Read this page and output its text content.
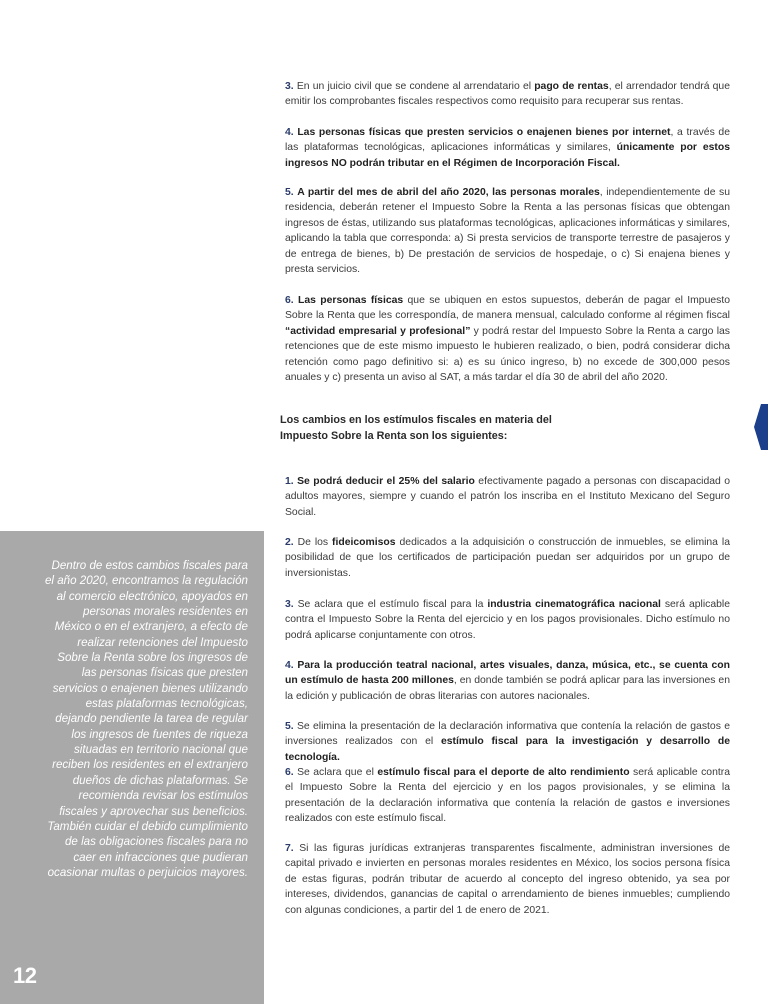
Dentro de estos cambios fiscales para el año 2020, encontramos la regulación al comercio electrónico, apoyados en personas morales residentes en México o en el extranjero, a efecto de realizar retenciones del Impuesto Sobre la Renta sobre los ingresos de las personas físicas que presten servicios o enajenen bienes utilizando estas plataformas tecnológicas, dejando pendiente la tarea de regular los ingresos de fuentes de riqueza situadas en territorio nacional que reciben los residentes en el extranjero dueños de dichas plataformas. Se recomienda revisar los estímulos fiscales y aprovechar sus beneficios. También cuidar el debido cumplimiento de las obligaciones fiscales para no caer en infracciones que pudieran ocasionar multas o perjuicios mayores.
12

3. En un juicio civil que se condene al arrendatario el pago de rentas, el arrendador tendrá que emitir los comprobantes fiscales respectivos como requisito para recuperar sus rentas.

4. Las personas físicas que presten servicios o enajenen bienes por internet, a través de las plataformas tecnológicas, aplicaciones informáticas y similares, únicamente por estos ingresos NO podrán tributar en el Régimen de Incorporación Fiscal.

5. A partir del mes de abril del año 2020, las personas morales, independientemente de su residencia, deberán retener el Impuesto Sobre la Renta a las personas físicas que obtengan ingresos de éstas, utilizando sus plataformas tecnológicas, aplicaciones informáticas y similares, aplicando la tabla que corresponda: a) Si presta servicios de transporte terrestre de pasajeros y de entrega de bienes, b) De prestación de servicios de hospedaje, o c) Si enajena bienes y presta servicios.

6. Las personas físicas que se ubiquen en estos supuestos, deberán de pagar el Impuesto Sobre la Renta que les correspondía, de manera mensual, calculado conforme al régimen fiscal “actividad empresarial y profesional” y podrá restar del Impuesto Sobre la Renta a cargo las retenciones que de este mismo impuesto le hubieren realizado, o bien, podrá considerar dicha retención como pago definitivo si: a) es su único ingreso, b) no excede de 300,000 pesos anuales y c) presenta un aviso al SAT, a más tardar el día 30 de abril del año 2020.

Los cambios en los estímulos fiscales en materia del
Impuesto Sobre la Renta son los siguientes:

1. Se podrá deducir el 25% del salario efectivamente pagado a personas con discapacidad o adultos mayores, siempre y cuando el patrón los inscriba en el Instituto Mexicano del Seguro Social.

2. De los fideicomisos dedicados a la adquisición o construcción de inmuebles, se elimina la posibilidad de que los certificados de participación puedan ser adquiridos por un grupo de inversionistas.

3. Se aclara que el estímulo fiscal para la industria cinematográfica nacional será aplicable contra el Impuesto Sobre la Renta del ejercicio y en los pagos provisionales. Dicho estímulo no podrá aplicarse conjuntamente con otros.

4. Para la producción teatral nacional, artes visuales, danza, música, etc., se cuenta con un estímulo de hasta 200 millones, en donde también se podrá aplicar para las inversiones en la edición y publicación de obras literarias con autores nacionales.

5. Se elimina la presentación de la declaración informativa que contenía la relación de gastos e inversiones realizados con el estímulo fiscal para la investigación y desarrollo de tecnología.

6. Se aclara que el estímulo fiscal para el deporte de alto rendimiento será aplicable contra el Impuesto Sobre la Renta del ejercicio y en los pagos provisionales, y se elimina la presentación de la declaración informativa que contenía la relación de gastos e inversiones realizados con este estímulo fiscal.

7. Si las figuras jurídicas extranjeras transparentes fiscalmente, administran inversiones de capital privado e invierten en personas morales residentes en México, los socios persona física de estas figuras, podrán tributar de acuerdo al concepto del ingreso obtenido, ya sea por intereses, dividendos, ganancias de capital o arrendamiento de bienes inmuebles; cumpliendo con algunas condiciones, a partir del 1 de enero de 2021.
